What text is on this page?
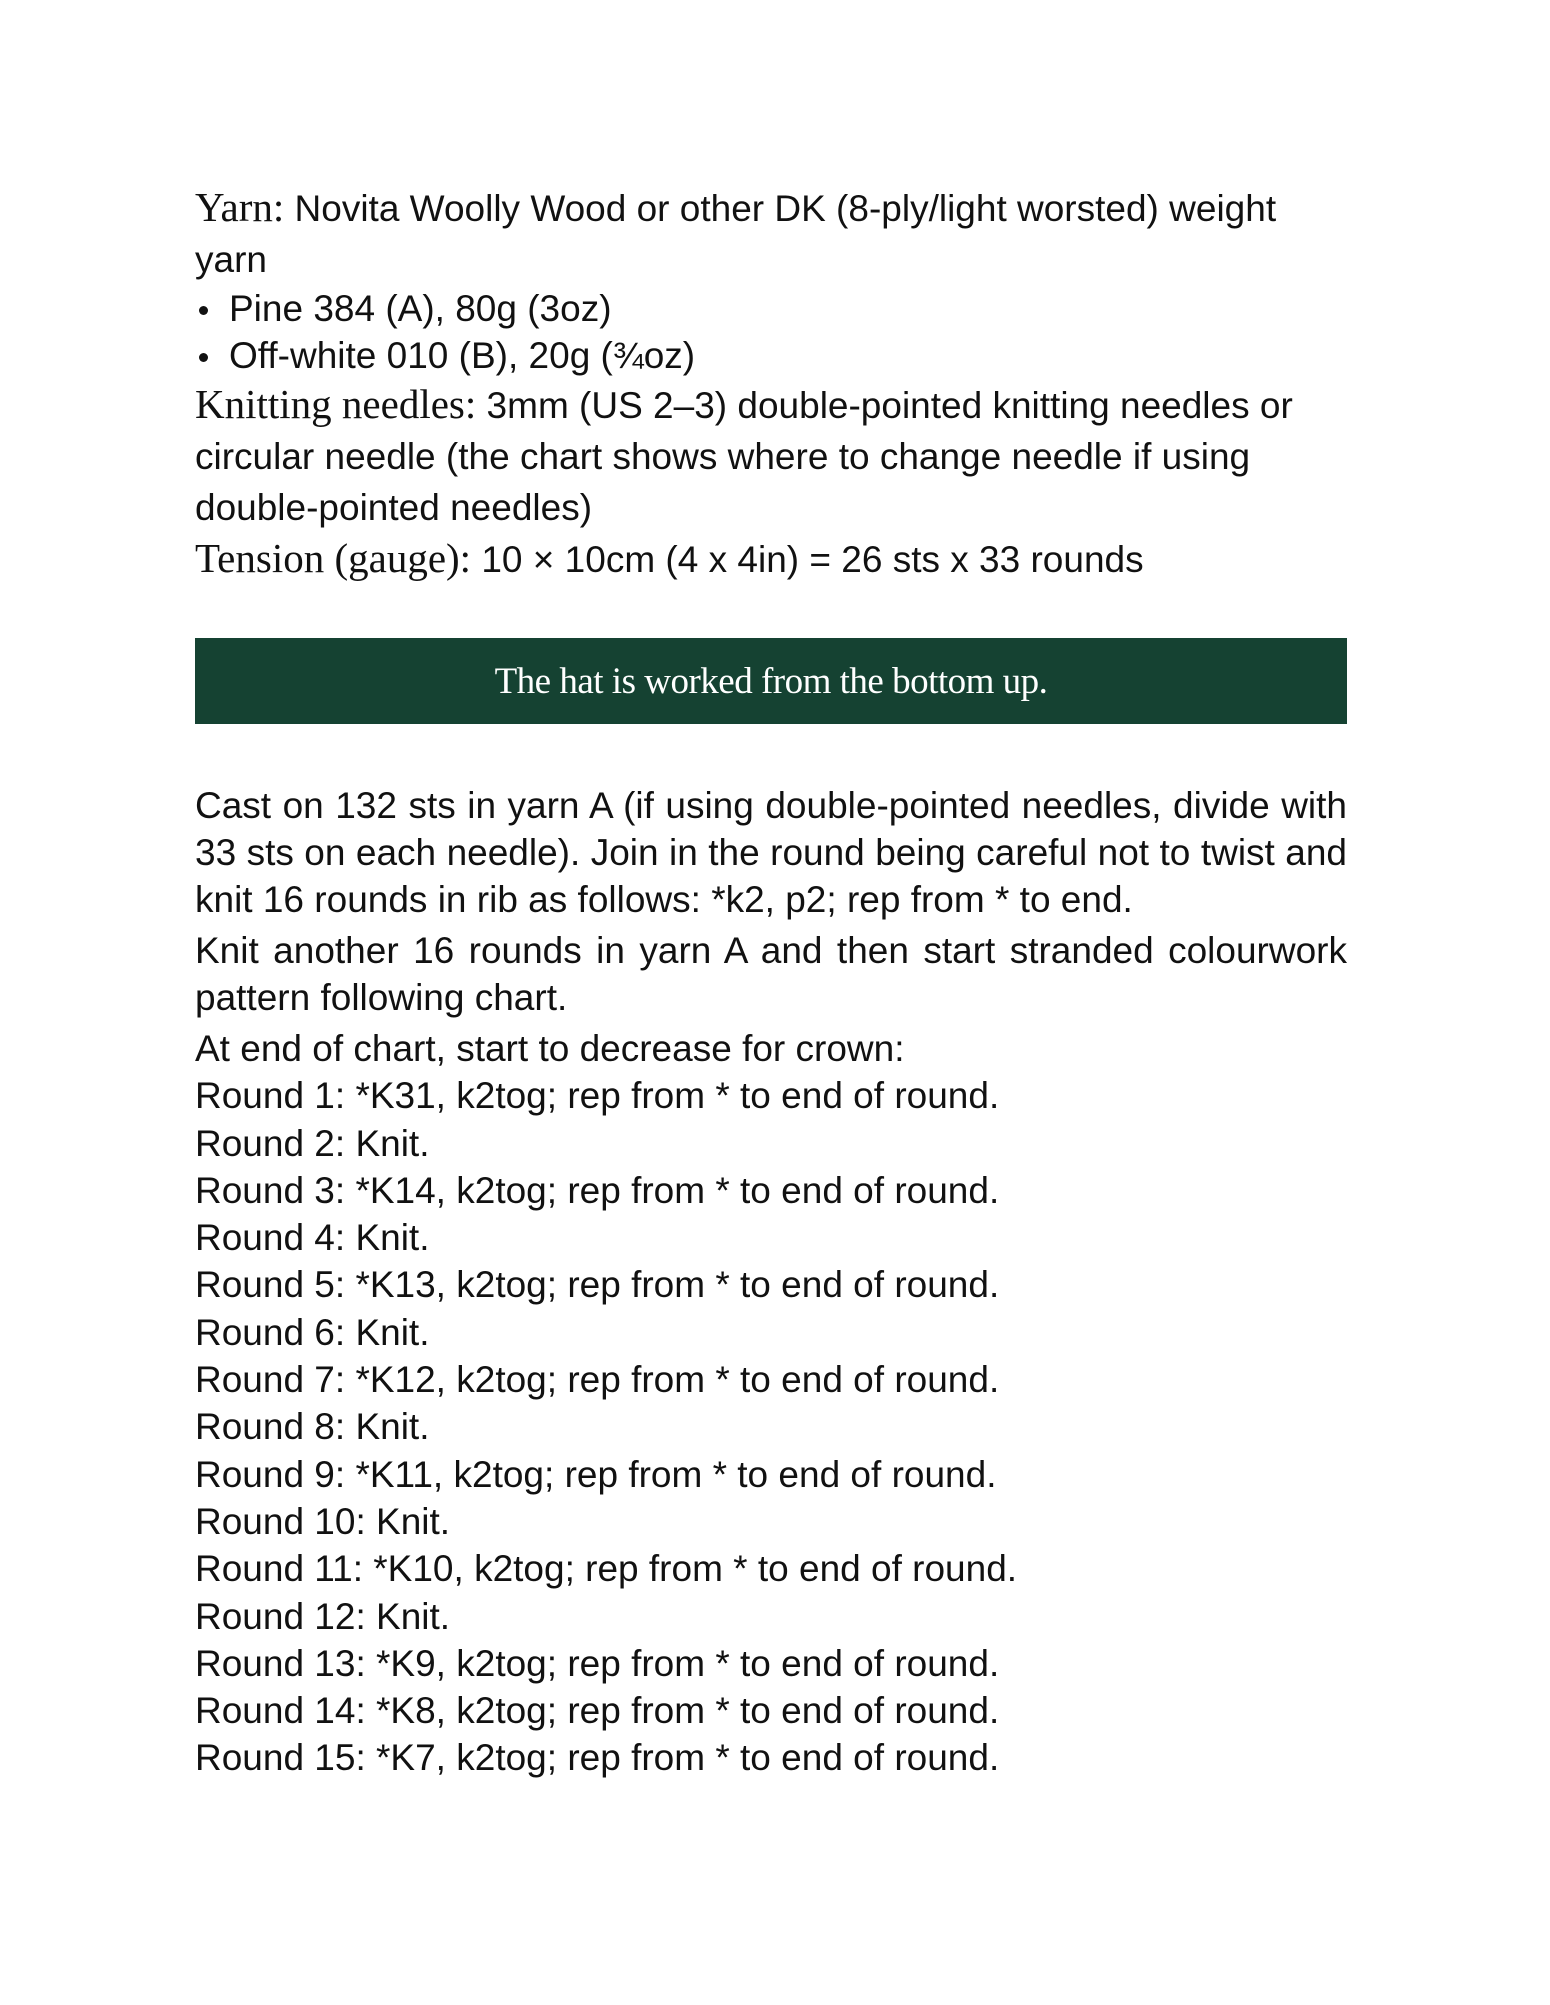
Yarn: Novita Woolly Wood or other DK (8-ply/light worsted) weight yarn

Pine 384 (A), 80g (3oz)
Off-white 010 (B), 20g (¾oz)

Knitting needles: 3mm (US 2–3) double-pointed knitting needles or circular needle (the chart shows where to change needle if using double-pointed needles)

Tension (gauge): 10 × 10cm (4 x 4in) = 26 sts x 33 rounds

The hat is worked from the bottom up.

Cast on 132 sts in yarn A (if using double-pointed needles, divide with 33 sts on each needle). Join in the round being careful not to twist and knit 16 rounds in rib as follows: *k2, p2; rep from * to end.

Knit another 16 rounds in yarn A and then start stranded colourwork pattern following chart.

At end of chart, start to decrease for crown:

Round 1: *K31, k2tog; rep from * to end of round.

Round 2: Knit.

Round 3: *K14, k2tog; rep from * to end of round.

Round 4: Knit.

Round 5: *K13, k2tog; rep from * to end of round.

Round 6: Knit.

Round 7: *K12, k2tog; rep from * to end of round.

Round 8: Knit.

Round 9: *K11, k2tog; rep from * to end of round.

Round 10: Knit.

Round 11: *K10, k2tog; rep from * to end of round.

Round 12: Knit.

Round 13: *K9, k2tog; rep from * to end of round.

Round 14: *K8, k2tog; rep from * to end of round.

Round 15: *K7, k2tog; rep from * to end of round.
